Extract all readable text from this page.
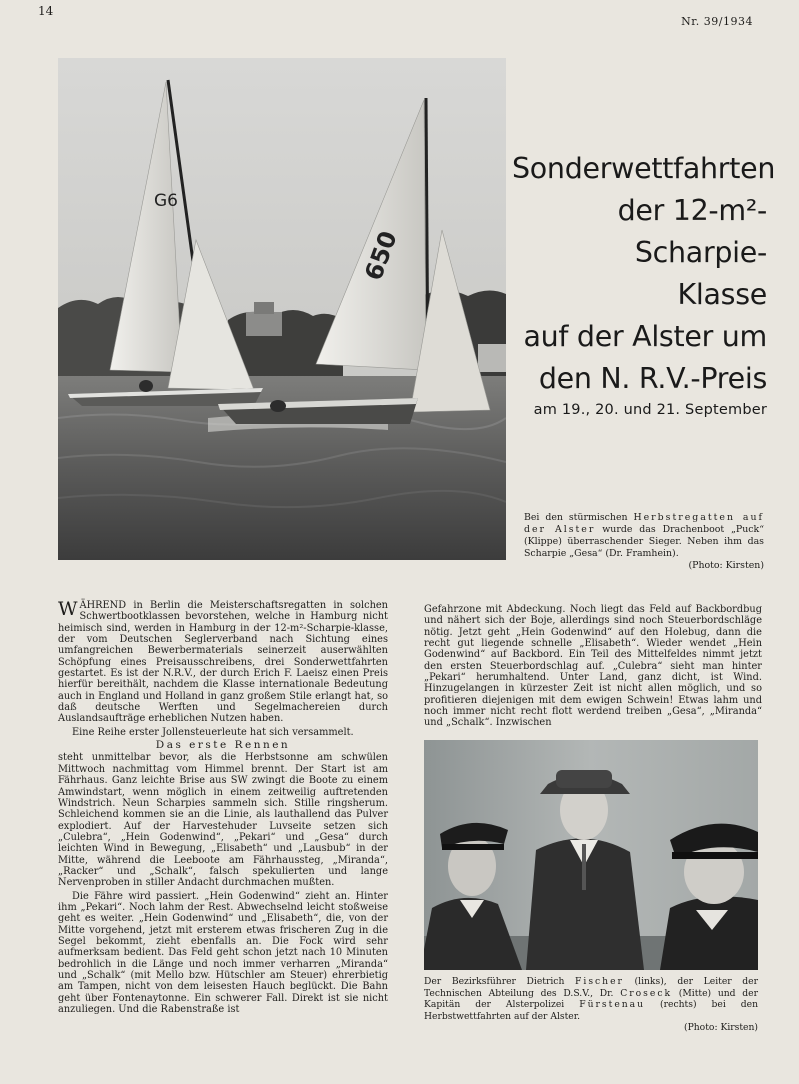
14
Nr. 39/1934
G6
650
Sonderwettfahrten
der 12-m²-Scharpie-
Klasse
auf der Alster um
den N. R.V.-Preis
am 19., 20. und 21. September
Bei den stürmischen Herbstregatten auf der Alster wurde das Drachenboot „Puck“ (Klippe) überraschender Sieger. Neben ihm das Scharpie „Gesa“ (Dr. Framhein).
(Photo: Kirsten)

WÄHREND in Berlin die Meisterschaftsregatten in solchen Schwertbootklassen bevorstehen, welche in Hamburg nicht heimisch sind, werden in Hamburg in der 12-m²-Scharpie-klasse, der vom Deutschen Seglerverband nach Sichtung eines umfangreichen Bewerbermaterials seinerzeit auserwählten Schöpfung eines Preisausschreibens, drei Sonderwettfahrten gestartet. Es ist der N.R.V., der durch Erich F. Laeisz einen Preis hierfür bereithält, nachdem die Klasse internationale Bedeutung auch in England und Holland in ganz großem Stile erlangt hat, so daß deutsche Werften und Segelmachereien durch Auslandsaufträge erheblichen Nutzen haben.

Eine Reihe erster Jollensteuerleute hat sich versammelt.

Das erste Rennen

steht unmittelbar bevor, als die Herbstsonne am schwülen Mittwoch nachmittag vom Himmel brennt. Der Start ist am Fährhaus. Ganz leichte Brise aus SW zwingt die Boote zu einem Amwindstart, wenn möglich in einem zeitweilig auftretenden Windstrich. Neun Scharpies sammeln sich. Stille ringsherum. Schleichend kommen sie an die Linie, als lauthallend das Pulver explodiert. Auf der Harvestehuder Luvseite setzen sich „Culebra“, „Hein Godenwind“, „Pekari“ und „Gesa“ durch leichten Wind in Bewegung, „Elisabeth“ und „Lausbub“ in der Mitte, während die Leeboote am Fährhaussteg, „Miranda“, „Racker“ und „Schalk“, falsch spekulierten und lange Nervenproben in stiller Andacht durchmachen mußten.

Die Fähre wird passiert. „Hein Godenwind“ zieht an. Hinter ihm „Pekari“. Noch lahm der Rest. Abwechselnd leicht stoßweise geht es weiter. „Hein Godenwind“ und „Elisabeth“, die, von der Mitte vorgehend, jetzt mit ersterem etwas frischeren Zug in die Segel bekommt, zieht ebenfalls an. Die Fock wird sehr aufmerksam bedient. Das Feld geht schon jetzt nach 10 Minuten bedrohlich in die Länge und noch immer verharren „Miranda“ und „Schalk“ (mit Mello bzw. Hütschler am Steuer) ehrerbietig am Tampen, nicht von dem leisesten Hauch beglückt. Die Bahn geht über Fontenaytonne. Ein schwerer Fall. Direkt ist sie nicht anzuliegen. Und die Rabenstraße ist

Gefahrzone mit Abdeckung. Noch liegt das Feld auf Backbordbug und nähert sich der Boje, allerdings sind noch Steuerbordschläge nötig. Jetzt geht „Hein Godenwind“ auf den Holebug, dann die recht gut liegende schnelle „Elisabeth“. Wieder wendet „Hein Godenwind“ auf Backbord. Ein Teil des Mittelfeldes nimmt jetzt den ersten Steuerbordschlag auf. „Culebra“ sieht man hinter „Pekari“ herumhaltend. Unter Land, ganz dicht, ist Wind. Hinzugelangen in kürzester Zeit ist nicht allen möglich, und so profitieren diejenigen mit dem ewigen Schwein! Etwas lahm und noch immer nicht recht flott werdend treiben „Gesa“, „Miranda“ und „Schalk“. Inzwischen

Der Bezirksführer Dietrich Fischer (links), der Leiter der Technischen Abteilung des D.S.V., Dr. Croseck (Mitte) und der Kapitän der Alsterpolizei Fürstenau (rechts) bei den Herbstwettfahrten auf der Alster.
(Photo: Kirsten)
